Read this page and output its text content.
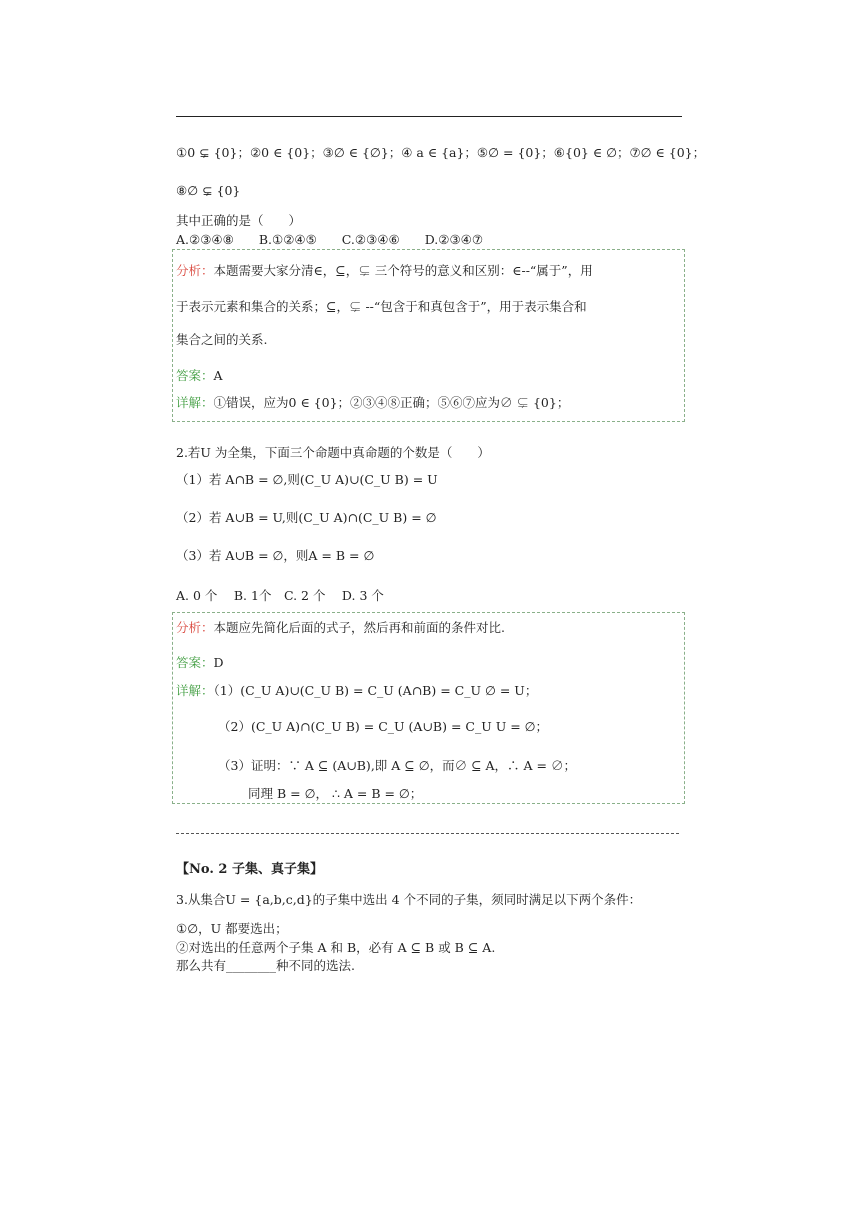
①0 ⊊ {0}；②0 ∈ {0}；③∅ ∈ {∅}；④ a ∈ {a}；⑤∅ = {0}；⑥{0} ∈ ∅；⑦∅ ∈ {0}；
⑧∅ ⊊ {0}
其中正确的是（　　）
A.②③④⑧　　B.①②④⑤　　C.②③④⑥　　D.②③④⑦
分析：本题需要大家分清∈，⊆，⊊ 三个符号的意义和区别：∈--“属于”，用
于表示元素和集合的关系；⊆，⊊ --“包含于和真包含于”，用于表示集合和
集合之间的关系.
答案：A
详解：①错误，应为0 ∈ {0}；②③④⑧正确；⑤⑥⑦应为∅ ⊊ {0}；
2.若U 为全集，下面三个命题中真命题的个数是（　　）
（1）若 A∩B = ∅,则(C_U A)∪(C_U B) = U
（2）若 A∪B = U,则(C_U A)∩(C_U B) = ∅
（3）若 A∪B = ∅，则A = B = ∅
A. 0 个　 B. 1个　C. 2 个　 D. 3 个
分析：本题应先简化后面的式子，然后再和前面的条件对比.
答案：D
详解：（1）(C_U A)∪(C_U B) = C_U (A∩B) = C_U ∅ = U；
（2）(C_U A)∩(C_U B) = C_U (A∪B) = C_U U = ∅；
（3）证明：∵ A ⊆ (A∪B),即 A ⊆ ∅，而∅ ⊆ A，∴ A = ∅；
同理 B = ∅， ∴ A = B = ∅；
【No. 2 子集、真子集】
3.从集合U = {a,b,c,d}的子集中选出 4 个不同的子集，须同时满足以下两个条件：
①∅，U 都要选出；
②对选出的任意两个子集 A 和 B，必有 A ⊆ B 或 B ⊆ A.
那么共有________种不同的选法.
